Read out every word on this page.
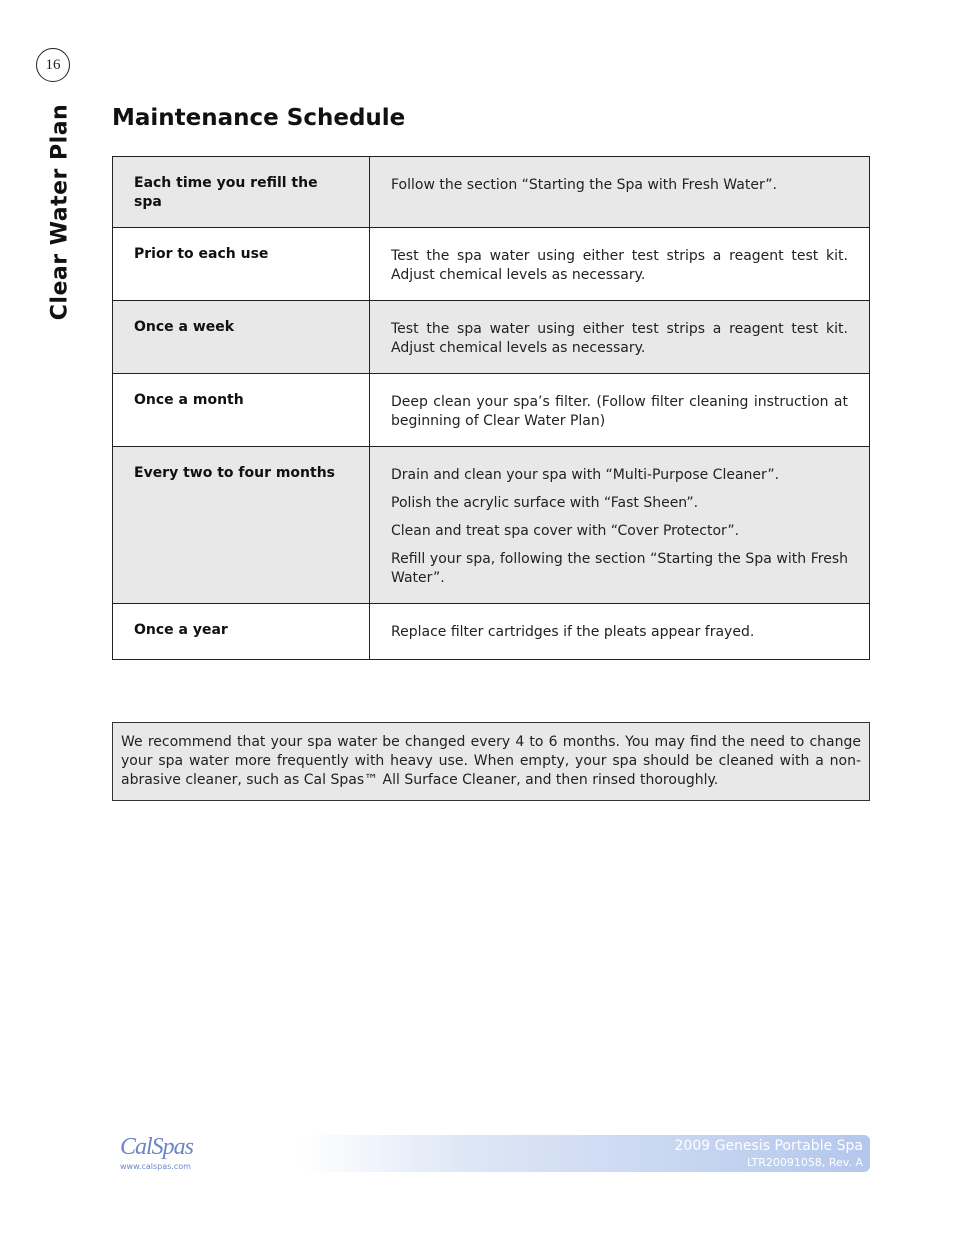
16
Clear Water Plan Maintenance Schedule
Each time you refill the spa	Follow the section “Starting the Spa with Fresh Water”.

Prior to each use	Test the spa water using either test strips a reagent test kit. Adjust chemical levels as necessary.

Once a week	Test the spa water using either test strips a reagent test kit. Adjust chemical levels as necessary.

Once a month	Deep clean your spa’s filter. (Follow filter cleaning instruction at beginning of Clear Water Plan)

Every two to four months	Drain and clean your spa with “Multi-Purpose Cleaner”.

Polish the acrylic surface with “Fast Sheen”.

Clean and treat spa cover with “Cover Protector”.

Refill your spa, following the section “Starting the Spa with Fresh Water”.

Once a year	Replace filter cartridges if the pleats appear frayed.

We recommend that your spa water be changed every 4 to 6 months. You may find the need to change your spa water more frequently with heavy use. When empty, your spa should be cleaned with a non-abrasive cleaner, such as Cal Spas™ All Surface Cleaner, and then rinsed thoroughly.
CalSpas
www.calspas.com
2009 Genesis Portable Spa
LTR20091058, Rev. A
